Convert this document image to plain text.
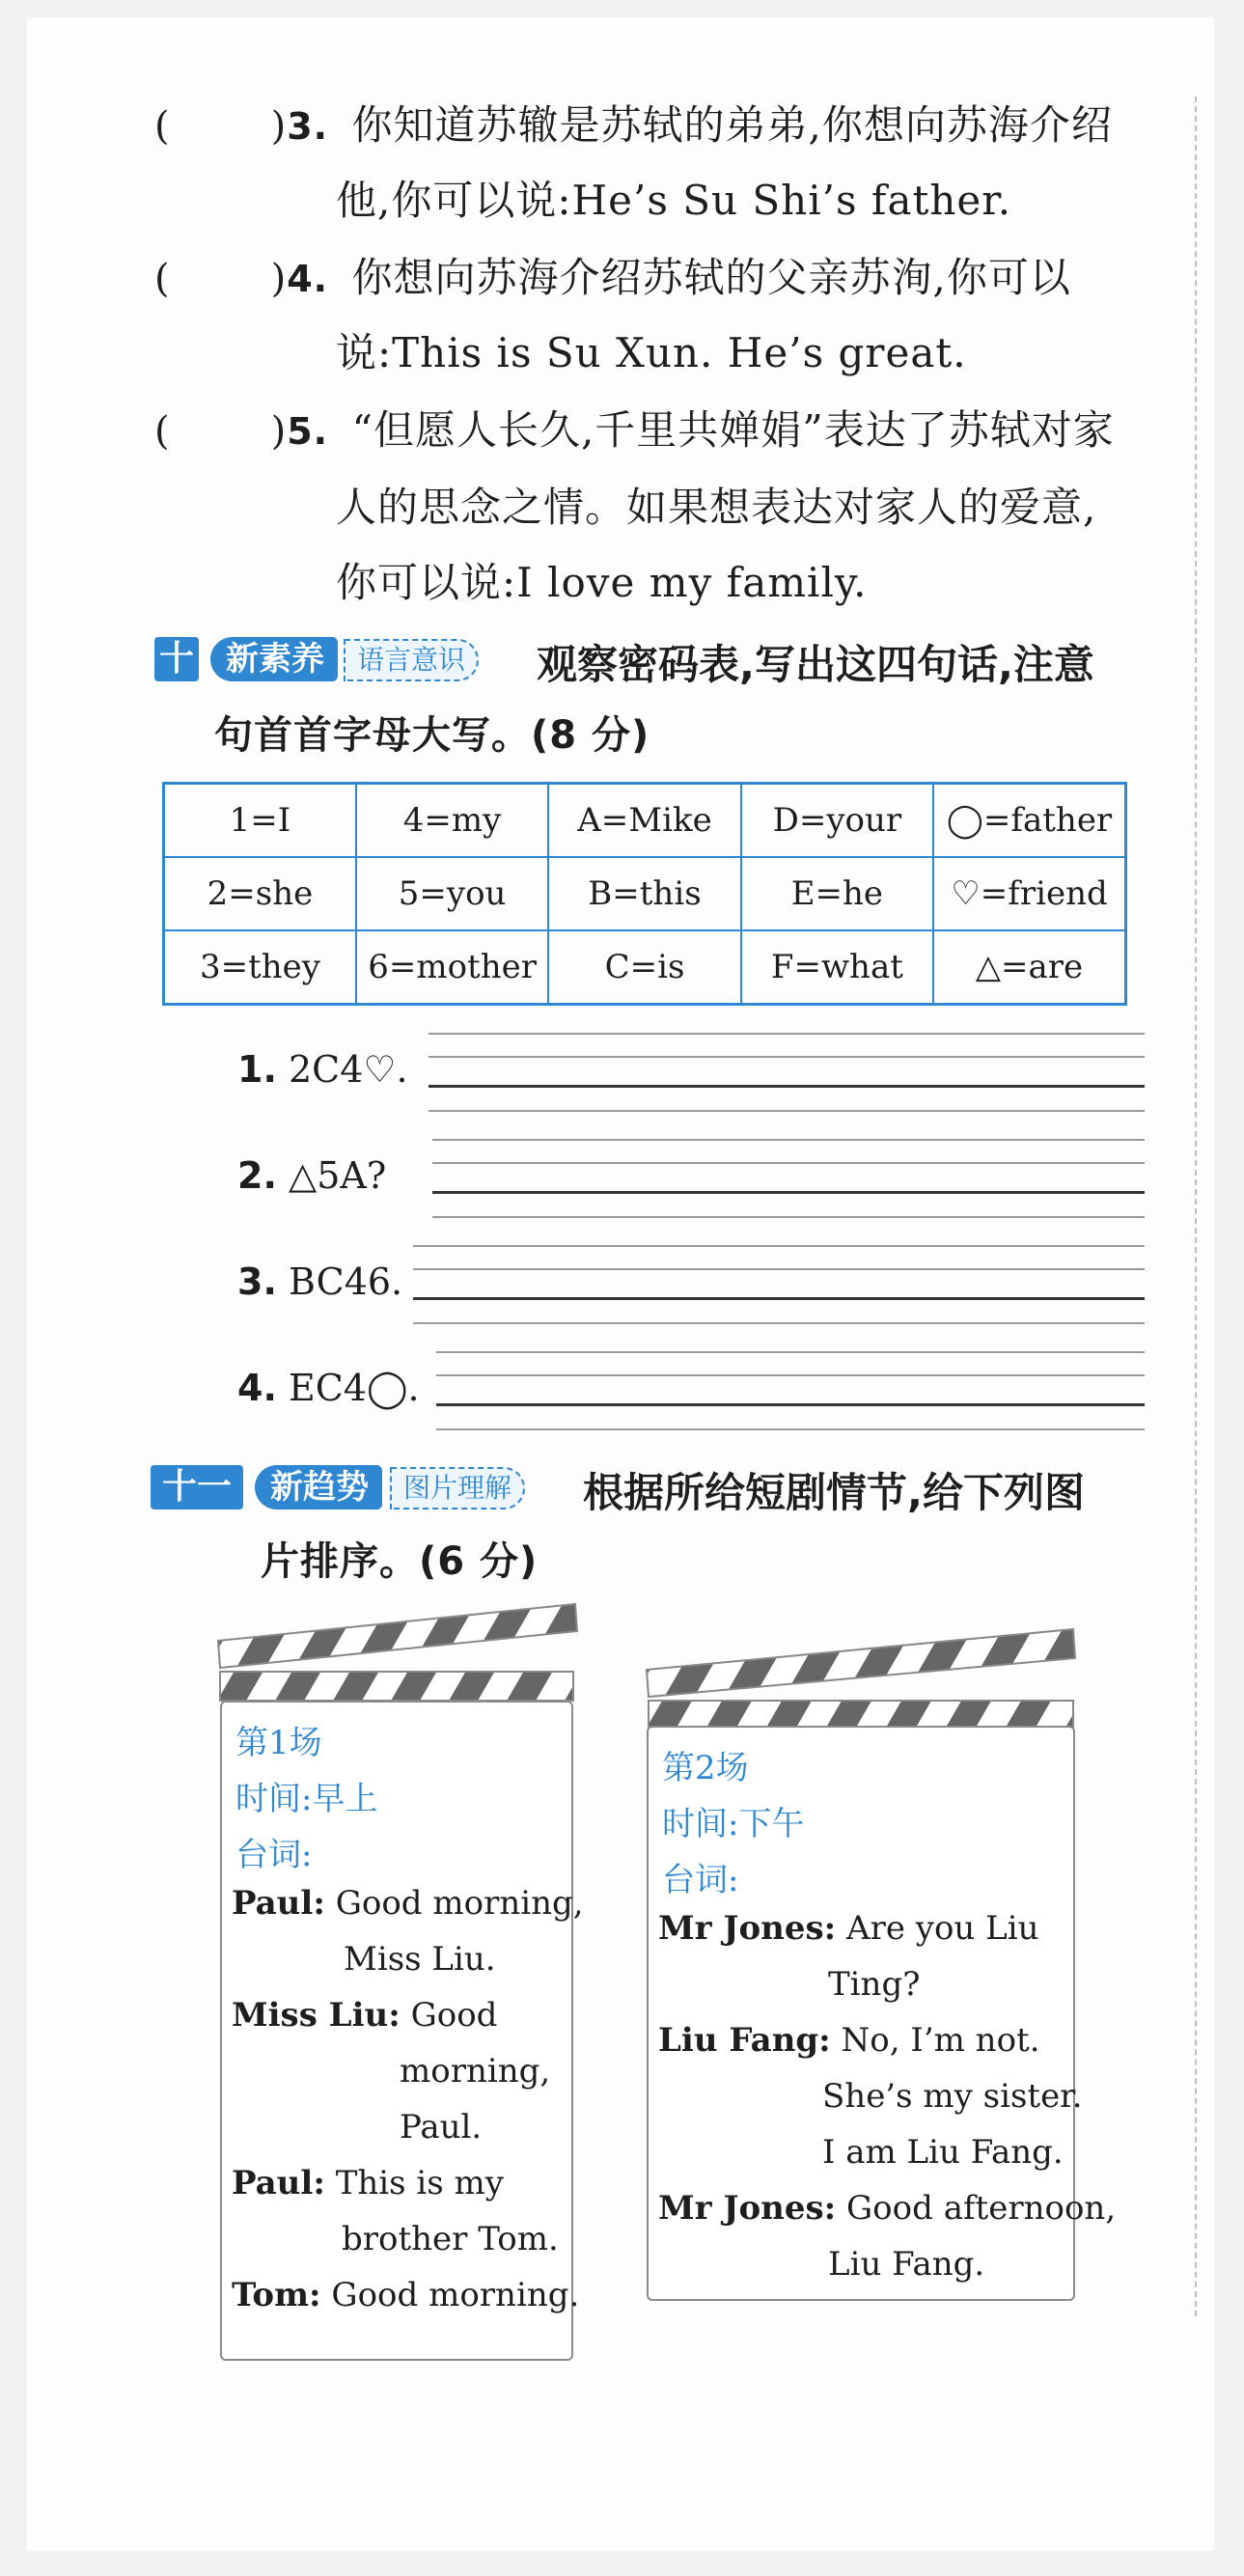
(	)3. 你知道苏辙是苏轼的弟弟,你想向苏海介绍
他,你可以说:He’s Su Shi’s father.
(	)4. 你想向苏海介绍苏轼的父亲苏洵,你可以
说:This is Su Xun. He’s great.
(	)5. “但愿人长久,千里共婵娟”表达了苏轼对家
人的思念之情。如果想表达对家人的爱意,
你可以说:I love my family.
十 新素养	语言意识	观察密码表,写出这四句话,注意
句首首字母大写。(8 分)
1=I	4=my	A=Mike	D=your	◯=father
2=she	5=you	B=this	E=he	♡=friend
3=they	6=mother	C=is	F=what	△=are
1. 2C4♡.
2. △5A?
3. BC46.
4. EC4◯.
十一	新趋势	图片理解	根据所给短剧情节,给下列图
片排序。(6 分)
第1场
时间:早上
台词:
Paul: Good morning,
Miss Liu.
Miss Liu: Good
morning,
Paul.
Paul: This is my
brother Tom.
Tom: Good morning.
第2场
时间:下午
台词:
Mr Jones: Are you Liu
Ting?
Liu Fang: No, I’m not.
She’s my sister.
I am Liu Fang.
Mr Jones: Good afternoon,
Liu Fang.
